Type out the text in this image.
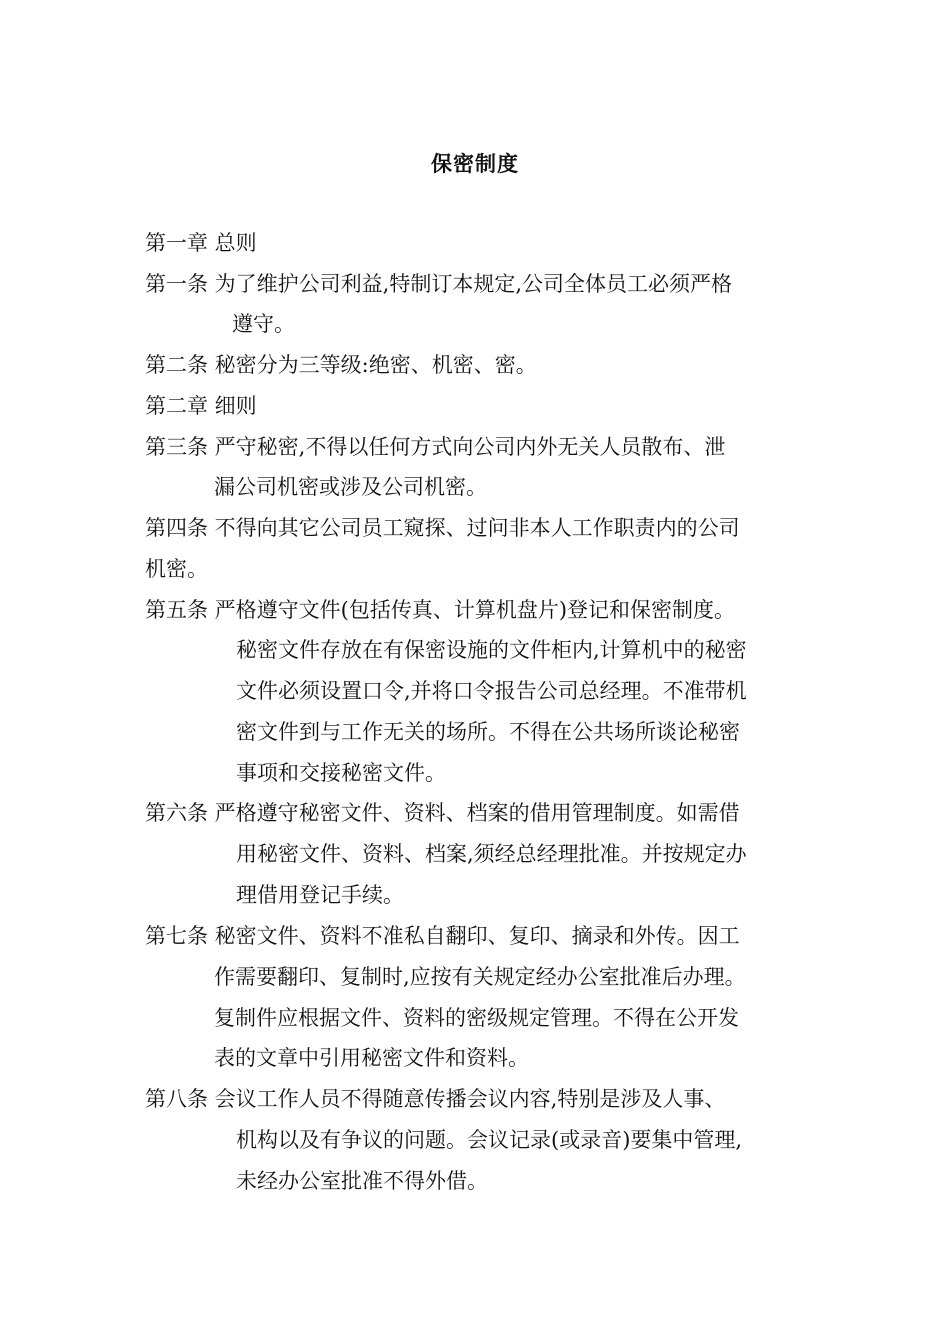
保密制度
第一章 总则
第一条 为了维护公司利益,特制订本规定,公司全体员工必须严格
遵守。
第二条 秘密分为三等级:绝密、机密、密。
第二章 细则
第三条 严守秘密,不得以任何方式向公司内外无关人员散布、泄
漏公司机密或涉及公司机密。
第四条 不得向其它公司员工窥探、过问非本人工作职责内的公司
机密。
第五条 严格遵守文件(包括传真、计算机盘片)登记和保密制度。
秘密文件存放在有保密设施的文件柜内,计算机中的秘密
文件必须设置口令,并将口令报告公司总经理。不准带机
密文件到与工作无关的场所。不得在公共场所谈论秘密
事项和交接秘密文件。
第六条 严格遵守秘密文件、资料、档案的借用管理制度。如需借
用秘密文件、资料、档案,须经总经理批准。并按规定办
理借用登记手续。
第七条 秘密文件、资料不准私自翻印、复印、摘录和外传。因工
作需要翻印、复制时,应按有关规定经办公室批准后办理。
复制件应根据文件、资料的密级规定管理。不得在公开发
表的文章中引用秘密文件和资料。
第八条 会议工作人员不得随意传播会议内容,特别是涉及人事、
机构以及有争议的问题。会议记录(或录音)要集中管理,
未经办公室批准不得外借。
